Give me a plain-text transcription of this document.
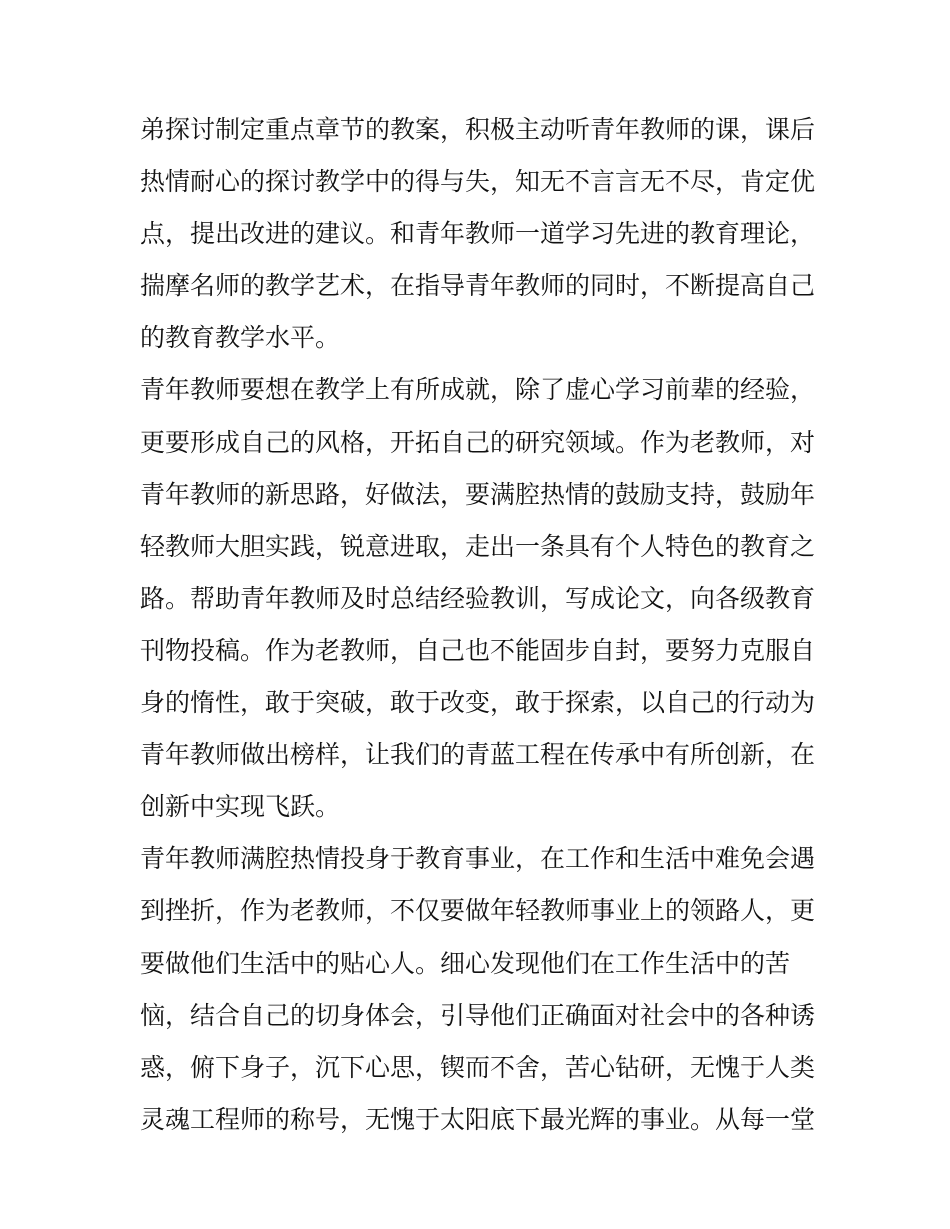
弟探讨制定重点章节的教案，积极主动听青年教师的课，课后
热情耐心的探讨教学中的得与失，知无不言言无不尽，肯定优
点，提出改进的建议。和青年教师一道学习先进的教育理论，
揣摩名师的教学艺术，在指导青年教师的同时，不断提高自己
的教育教学水平。
青年教师要想在教学上有所成就，除了虚心学习前辈的经验，
更要形成自己的风格，开拓自己的研究领域。作为老教师，对
青年教师的新思路，好做法，要满腔热情的鼓励支持，鼓励年
轻教师大胆实践，锐意进取，走出一条具有个人特色的教育之
路。帮助青年教师及时总结经验教训，写成论文，向各级教育
刊物投稿。作为老教师，自己也不能固步自封，要努力克服自
身的惰性，敢于突破，敢于改变，敢于探索，以自己的行动为
青年教师做出榜样，让我们的青蓝工程在传承中有所创新，在
创新中实现飞跃。
青年教师满腔热情投身于教育事业，在工作和生活中难免会遇
到挫折，作为老教师，不仅要做年轻教师事业上的领路人，更
要做他们生活中的贴心人。细心发现他们在工作生活中的苦
恼，结合自己的切身体会，引导他们正确面对社会中的各种诱
惑，俯下身子，沉下心思，锲而不舍，苦心钻研，无愧于人类
灵魂工程师的称号，无愧于太阳底下最光辉的事业。从每一堂
